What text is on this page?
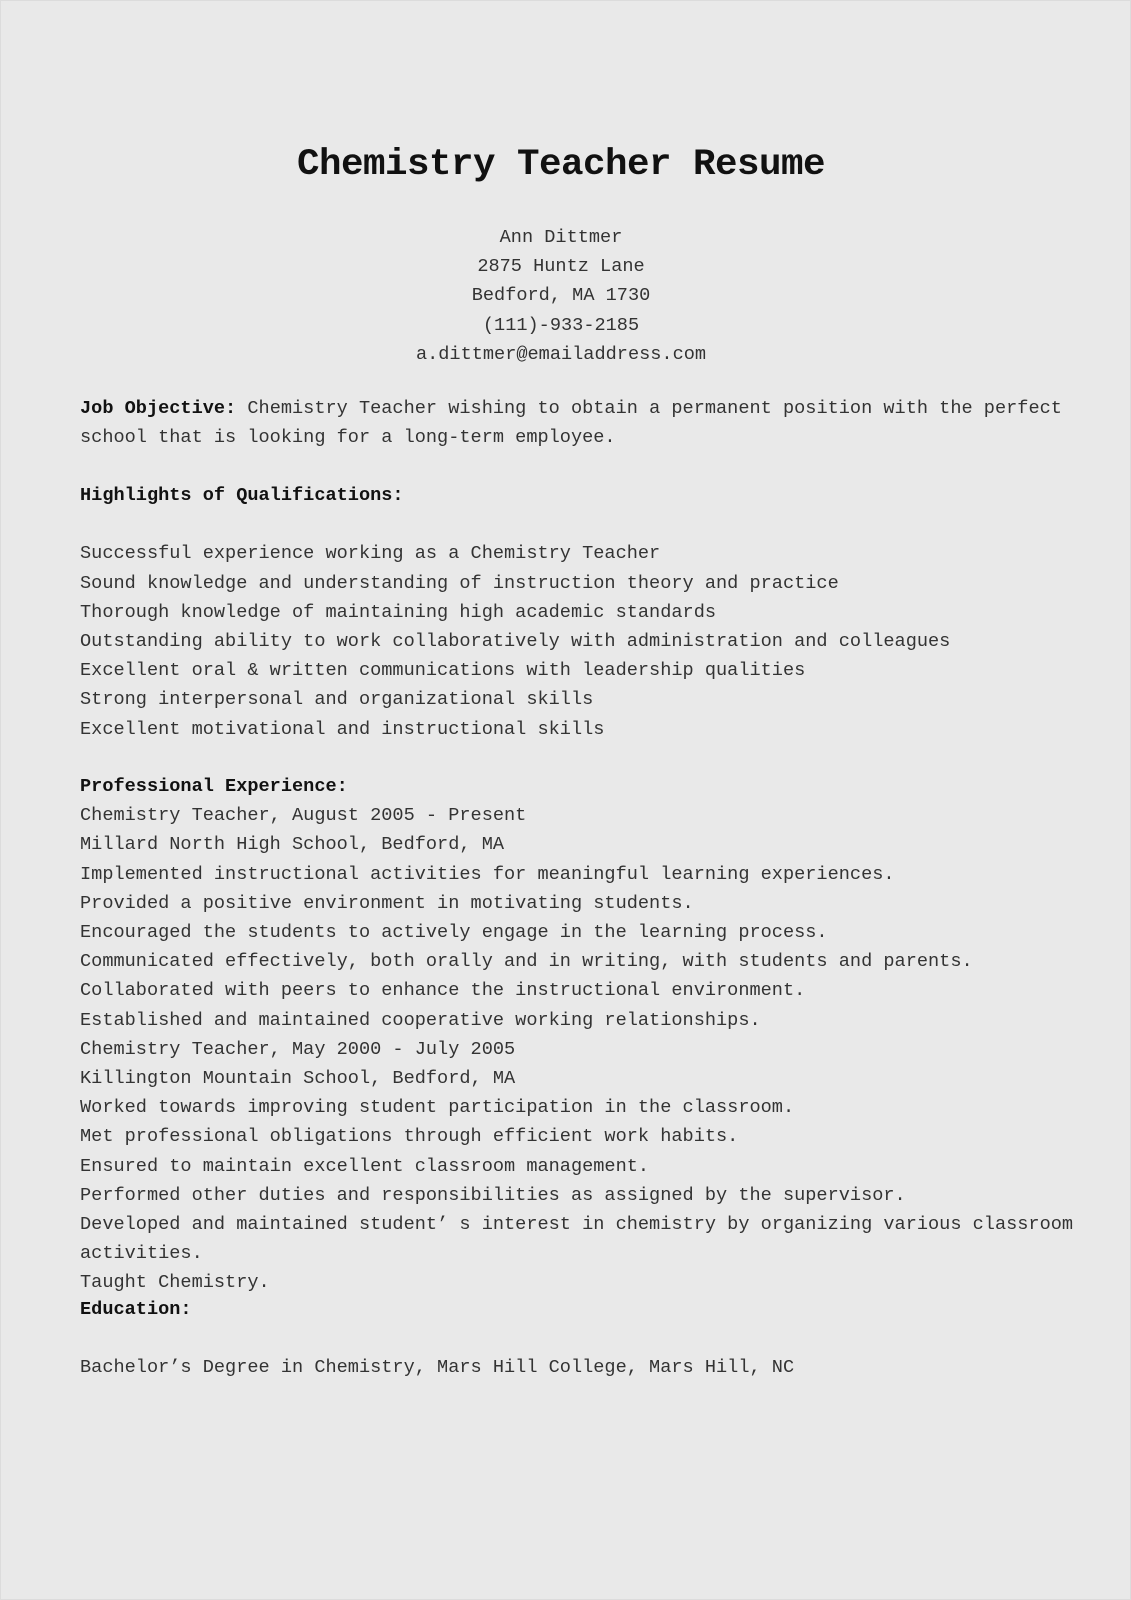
Chemistry Teacher Resume
Ann Dittmer
2875 Huntz Lane
Bedford, MA 1730
(111)-933-2185
a.dittmer@emailaddress.com
Job Objective: Chemistry Teacher wishing to obtain a permanent position with the perfect
school that is looking for a long-term employee.
Highlights of Qualifications:
Successful experience working as a Chemistry Teacher
Sound knowledge and understanding of instruction theory and practice
Thorough knowledge of maintaining high academic standards
Outstanding ability to work collaboratively with administration and colleagues
Excellent oral & written communications with leadership qualities
Strong interpersonal and organizational skills
Excellent motivational and instructional skills
Professional Experience:
Chemistry Teacher, August 2005 - Present
Millard North High School, Bedford, MA
Implemented instructional activities for meaningful learning experiences.
Provided a positive environment in motivating students.
Encouraged the students to actively engage in the learning process.
Communicated effectively, both orally and in writing, with students and parents.
Collaborated with peers to enhance the instructional environment.
Established and maintained cooperative working relationships.
Chemistry Teacher, May 2000 - July 2005
Killington Mountain School, Bedford, MA
Worked towards improving student participation in the classroom.
Met professional obligations through efficient work habits.
Ensured to maintain excellent classroom management.
Performed other duties and responsibilities as assigned by the supervisor.
Developed and maintained student’ s interest in chemistry by organizing various classroom
activities.
Taught Chemistry.
Education:
Bachelor’s Degree in Chemistry, Mars Hill College, Mars Hill, NC
